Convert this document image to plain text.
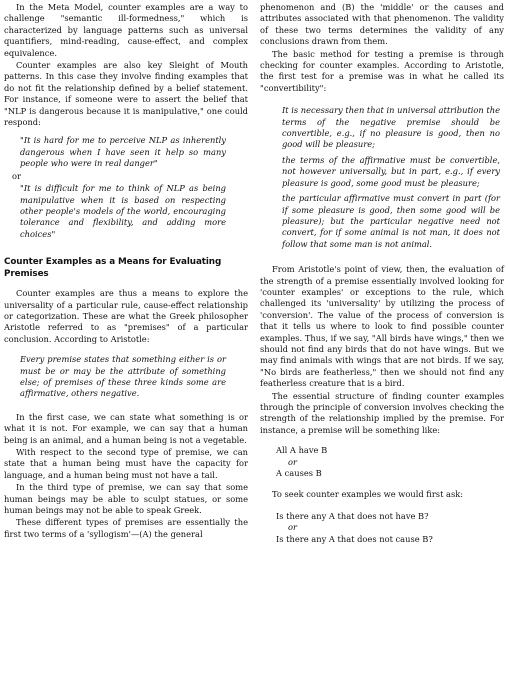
In the Meta Model, counter examples are a way to challenge "semantic ill-formedness," which is characterized by language patterns such as universal quantifiers, mind-reading, cause-effect, and complex equivalence.

Counter examples are also key Sleight of Mouth patterns. In this case they involve finding examples that do not fit the relationship defined by a belief statement. For instance, if someone were to assert the belief that "NLP is dangerous because it is manipulative," one could respond:

"It is hard for me to perceive NLP as inherently dangerous when I have seen it help so many people who were in real danger"
or
"It is difficult for me to think of NLP as being manipulative when it is based on respecting other people's models of the world, encouraging tolerance and flexibility, and adding more choices"
Counter Examples as a Means for Evaluating Premises

Counter examples are thus a means to explore the universality of a particular rule, cause-effect relationship or categorization. These are what the Greek philosopher Aristotle referred to as "premises" of a particular conclusion. According to Aristotle:

Every premise states that something either is or must be or may be the attribute of something else; of premises of these three kinds some are affirmative, others negative.

In the first case, we can state what something is or what it is not. For example, we can say that a human being is an animal, and a human being is not a vegetable.

With respect to the second type of premise, we can state that a human being must have the capacity for language, and a human being must not have a tail.

In the third type of premise, we can say that some human beings may be able to sculpt statues, or some human beings may not be able to speak Greek.

These different types of premises are essentially the first two terms of a 'syllogism'—(A) the general

phenomenon and (B) the 'middle' or the causes and attributes associated with that phenomenon. The validity of these two terms determines the validity of any conclusions drawn from them.

The basic method for testing a premise is through checking for counter examples. According to Aristotle, the first test for a premise was in what he called its "convertibility":

It is necessary then that in universal attribution the terms of the negative premise should be convertible, e.g., if no pleasure is good, then no good will be pleasure;
the terms of the affirmative must be convertible, not however universally, but in part, e.g., if every pleasure is good, some good must be pleasure;
the particular affirmative must convert in part (for if some pleasure is good, then some good will be pleasure); but the particular negative need not convert, for if some animal is not man, it does not follow that some man is not animal.

From Aristotle's point of view, then, the evaluation of the strength of a premise essentially involved looking for 'counter examples' or exceptions to the rule, which challenged its 'universality' by utilizing the process of 'conversion'. The value of the process of conversion is that it tells us where to look to find possible counter examples. Thus, if we say, "All birds have wings," then we should not find any birds that do not have wings. But we may find animals with wings that are not birds. If we say, "No birds are featherless," then we should not find any featherless creature that is a bird.

The essential structure of finding counter examples through the principle of conversion involves checking the strength of the relationship implied by the premise. For instance, a premise will be something like:

All A have B
or
A causes B
To seek counter examples we would first ask:
Is there any A that does not have B?
or
Is there any A that does not cause B?
